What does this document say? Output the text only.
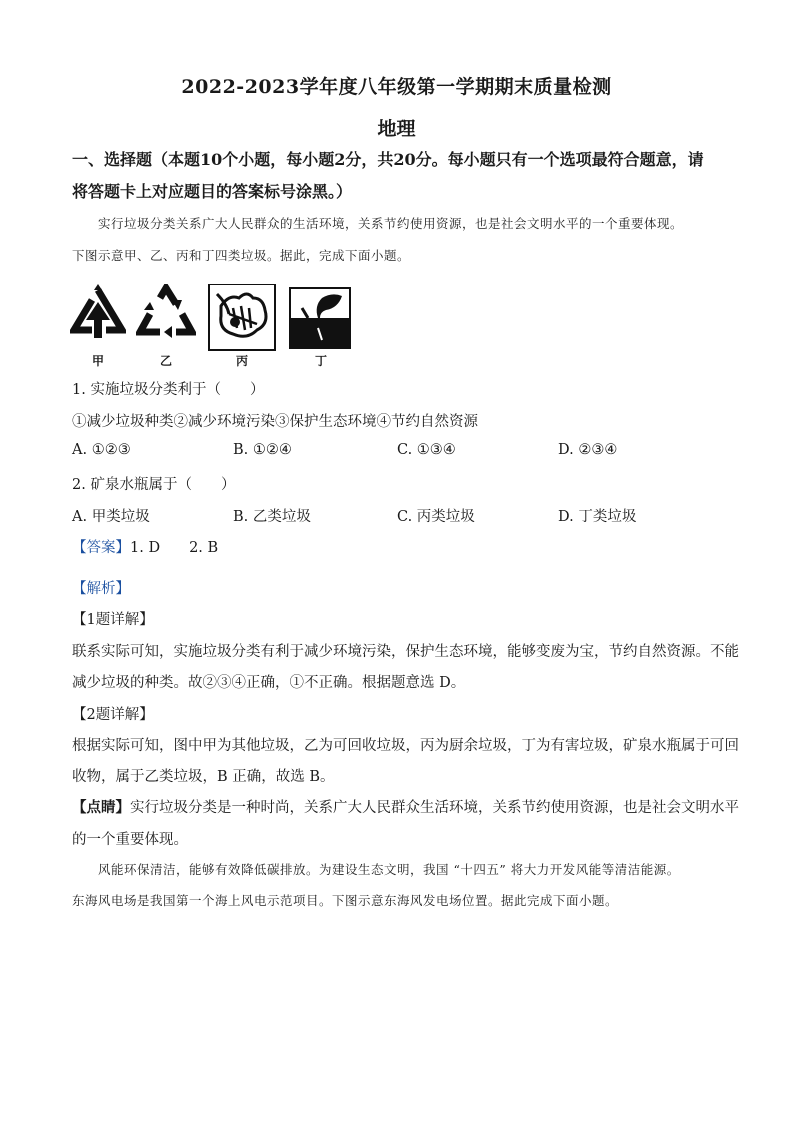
2022-2023学年度八年级第一学期期末质量检测
地理
一、选择题（本题10个小题，每小题2分，共20分。每小题只有一个选项最符合题意，请
将答题卡上对应题目的答案标号涂黑。）
实行垃圾分类关系广大人民群众的生活环境，关系节约使用资源，也是社会文明水平的一个重要体现。
下图示意甲、乙、丙和丁四类垃圾。据此，完成下面小题。
甲	乙	丙	丁
1. 实施垃圾分类利于（　　）
①减少垃圾种类②减少环境污染③保护生态环境④节约自然资源
A. ①②③	B. ①②④	C. ①③④	D. ②③④
2. 矿泉水瓶属于（　　）
A. 甲类垃圾	B. 乙类垃圾	C. 丙类垃圾	D. 丁类垃圾
【答案】1. D　　2. B
【解析】
【1题详解】
联系实际可知，实施垃圾分类有利于减少环境污染，保护生态环境，能够变废为宝，节约自然资源。不能
减少垃圾的种类。故②③④正确，①不正确。根据题意选 D。
【2题详解】
根据实际可知，图中甲为其他垃圾，乙为可回收垃圾，丙为厨余垃圾，丁为有害垃圾，矿泉水瓶属于可回
收物，属于乙类垃圾，B 正确，故选 B。
【点睛】实行垃圾分类是一种时尚，关系广大人民群众生活环境，关系节约使用资源，也是社会文明水平
的一个重要体现。
风能环保清洁，能够有效降低碳排放。为建设生态文明，我国 “十四五” 将大力开发风能等清洁能源。
东海风电场是我国第一个海上风电示范项目。下图示意东海风发电场位置。据此完成下面小题。
